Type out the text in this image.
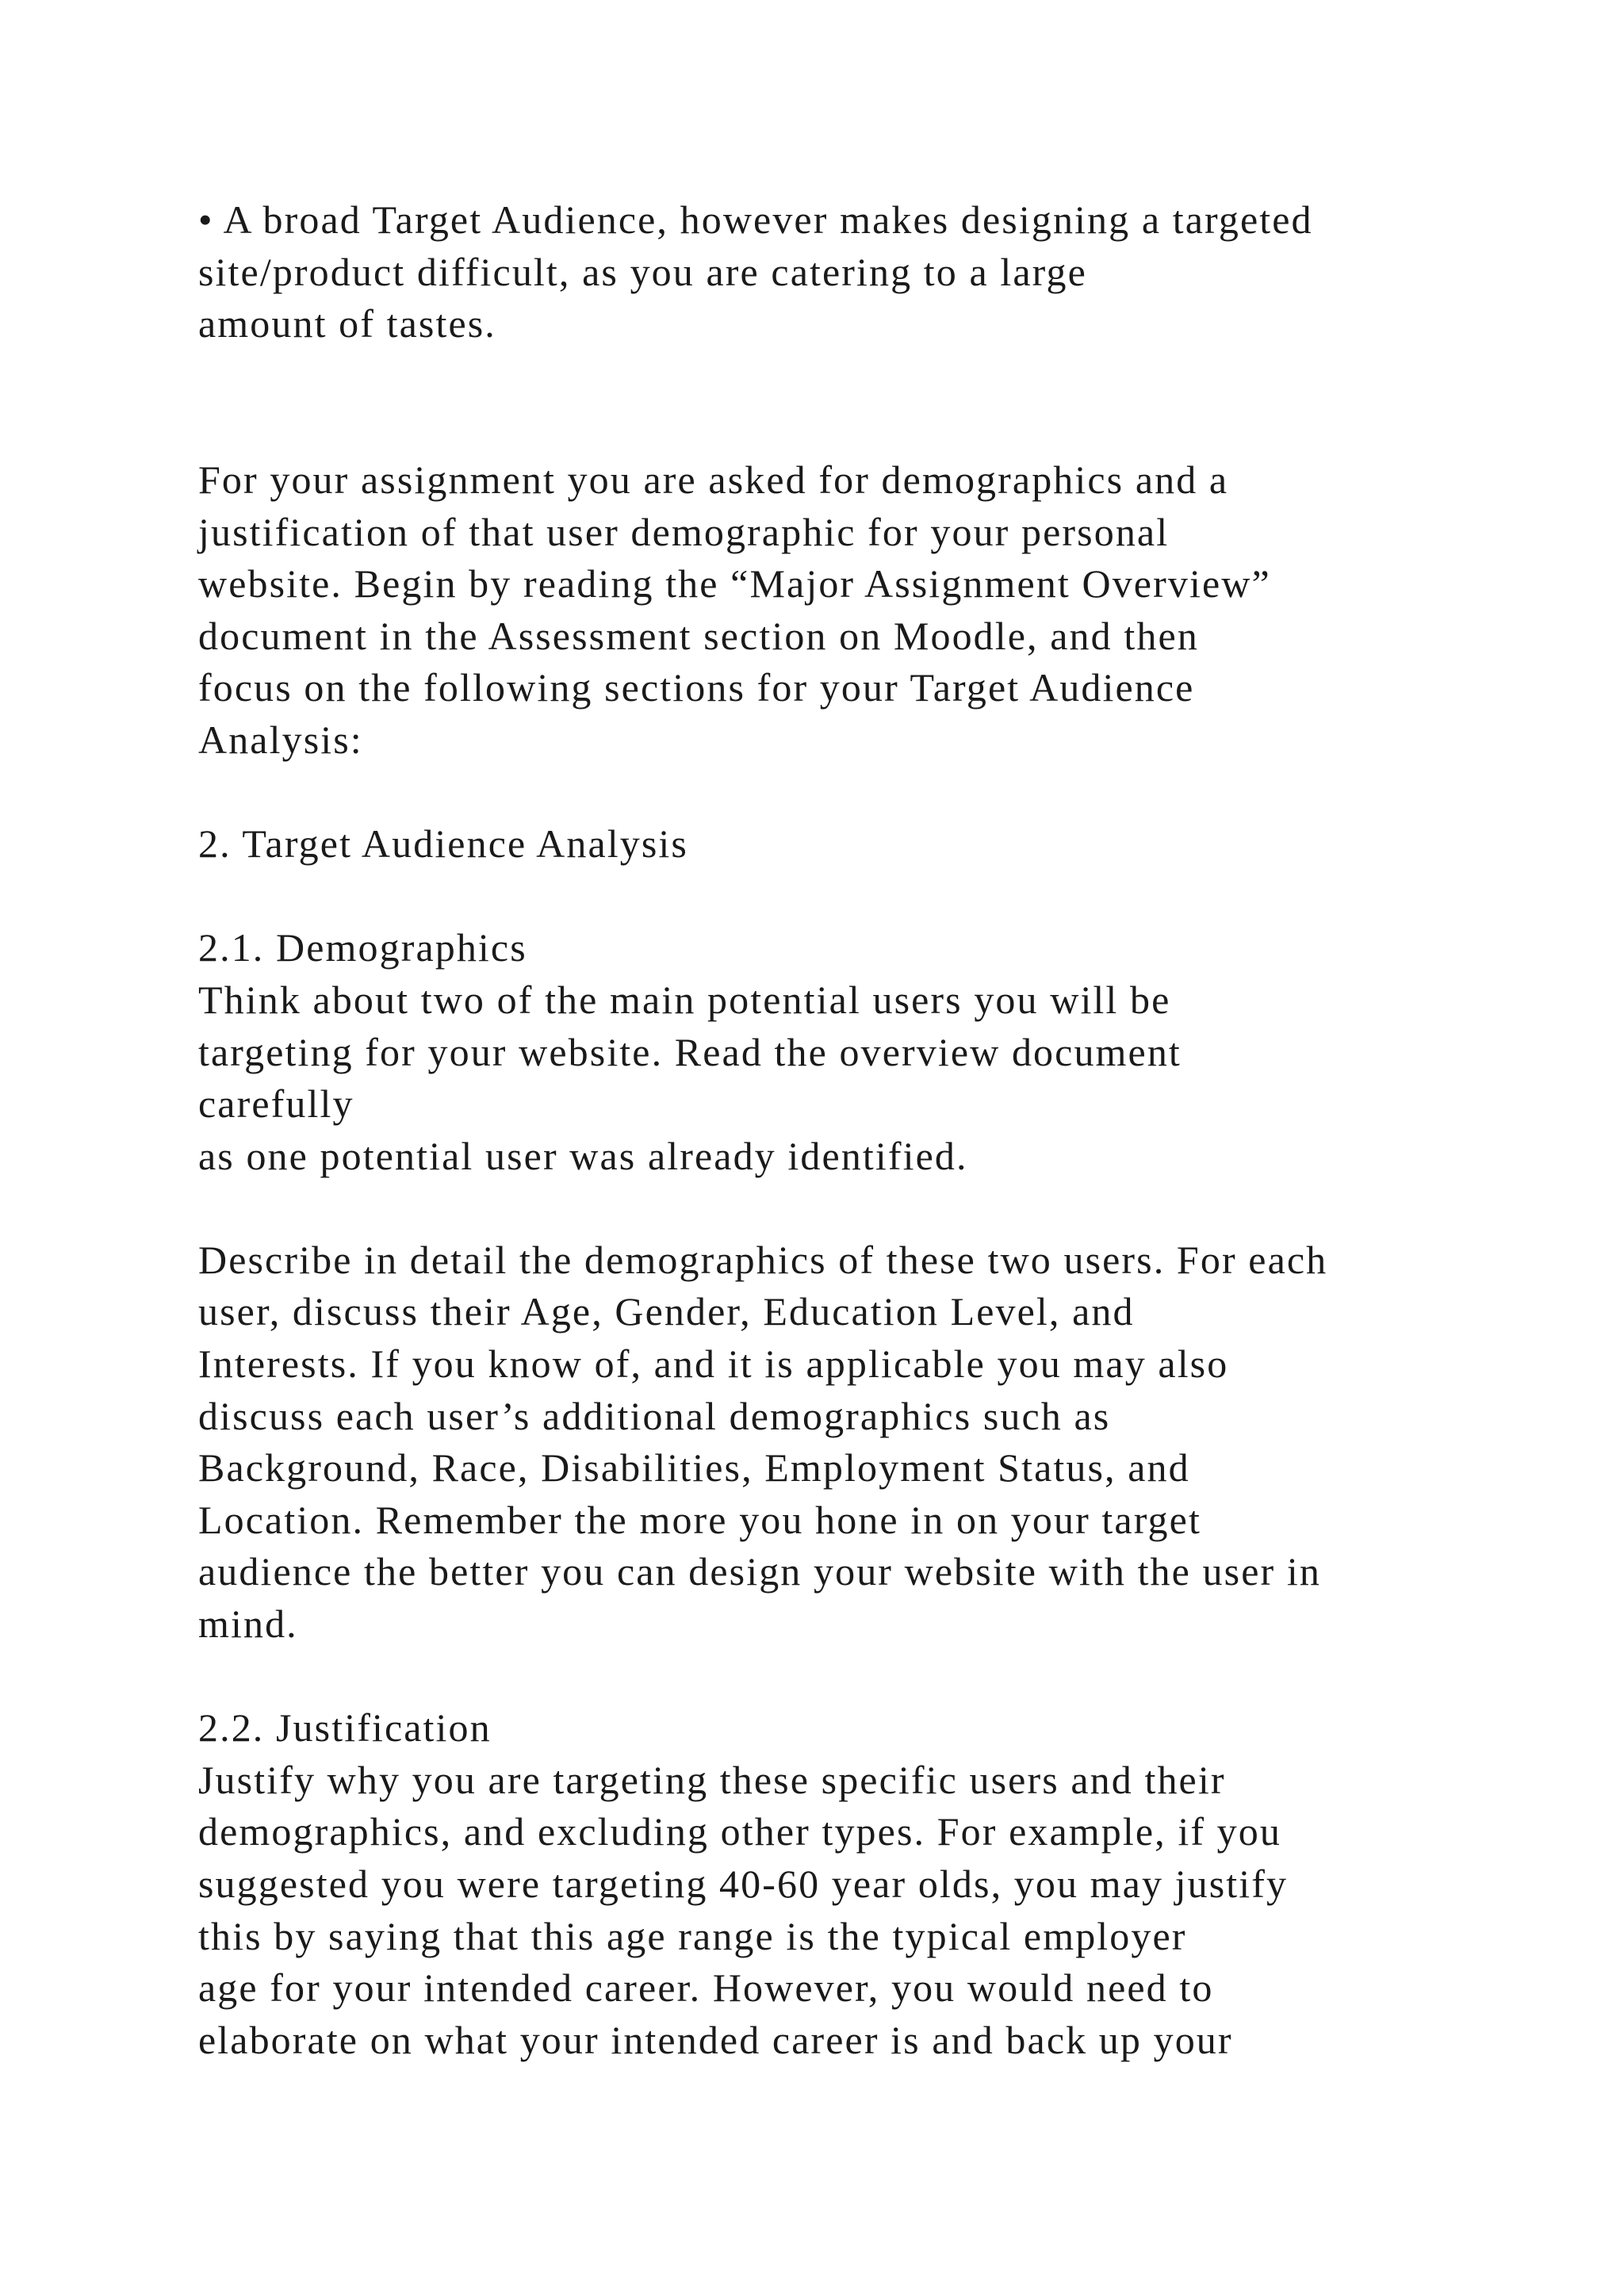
• A broad Target Audience, however makes designing a targeted
site/product difficult, as you are catering to a large
amount of tastes.
For your assignment you are asked for demographics and a
justification of that user demographic for your personal
website. Begin by reading the “Major Assignment Overview”
document in the Assessment section on Moodle, and then
focus on the following sections for your Target Audience
Analysis:
2. Target Audience Analysis
2.1. Demographics
Think about two of the main potential users you will be
targeting for your website. Read the overview document
carefully
as one potential user was already identified.
Describe in detail the demographics of these two users. For each
user, discuss their Age, Gender, Education Level, and
Interests. If you know of, and it is applicable you may also
discuss each user’s additional demographics such as
Background, Race, Disabilities, Employment Status, and
Location. Remember the more you hone in on your target
audience the better you can design your website with the user in
mind.
2.2. Justification
Justify why you are targeting these specific users and their
demographics, and excluding other types. For example, if you
suggested you were targeting 40-60 year olds, you may justify
this by saying that this age range is the typical employer
age for your intended career. However, you would need to
elaborate on what your intended career is and back up your
